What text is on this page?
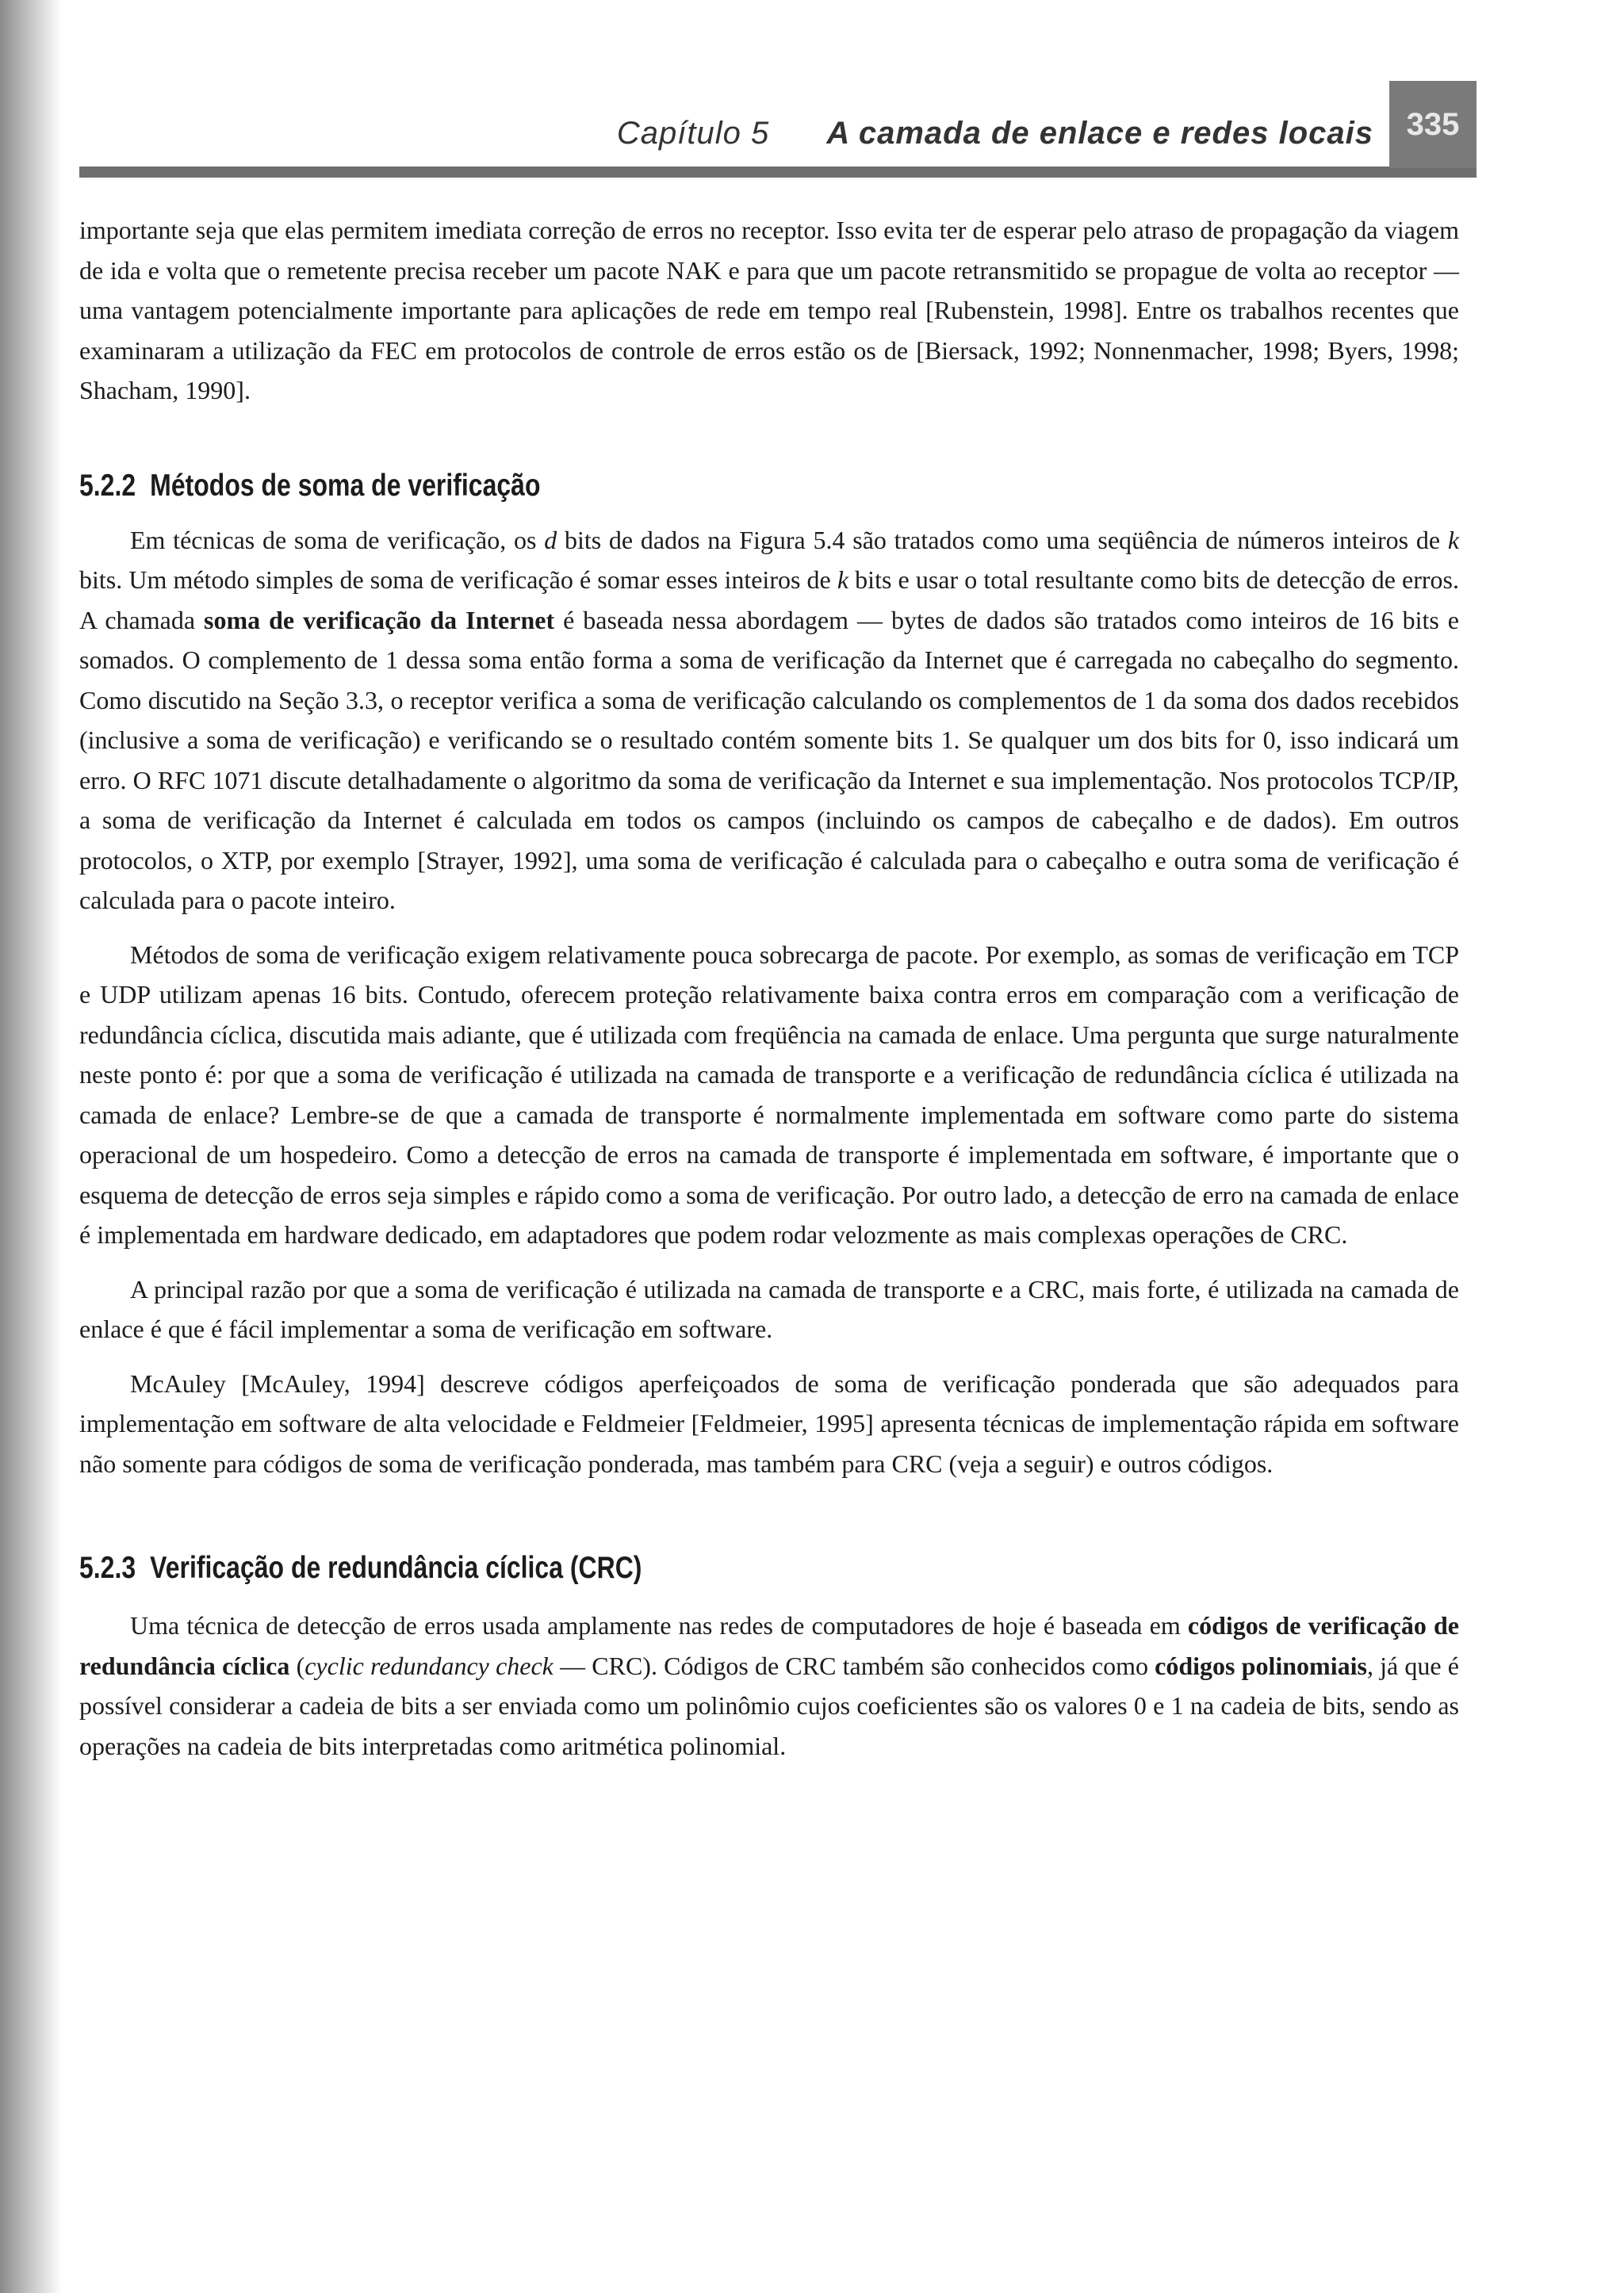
Capítulo 5 A camada de enlace e redes locais	335

importante seja que elas permitem imediata correção de erros no receptor. Isso evita ter de esperar pelo atraso de propagação da viagem de ida e volta que o remetente precisa receber um pacote NAK e para que um pacote retransmitido se propague de volta ao receptor — uma vantagem potencialmente importante para aplicações de rede em tempo real [Rubenstein, 1998]. Entre os trabalhos recentes que examinaram a utilização da FEC em protocolos de controle de erros estão os de [Biersack, 1992; Nonnenmacher, 1998; Byers, 1998; Shacham, 1990].

5.2.2 Métodos de soma de verificação

Em técnicas de soma de verificação, os d bits de dados na Figura 5.4 são tratados como uma seqüência de números inteiros de k bits. Um método simples de soma de verificação é somar esses inteiros de k bits e usar o total resultante como bits de detecção de erros. A chamada soma de verificação da Internet é baseada nessa abordagem — bytes de dados são tratados como inteiros de 16 bits e somados. O complemento de 1 dessa soma então forma a soma de verificação da Internet que é carregada no cabeçalho do segmento. Como discutido na Seção 3.3, o receptor verifica a soma de verificação calculando os complementos de 1 da soma dos dados recebidos (inclusive a soma de verificação) e verificando se o resultado contém somente bits 1. Se qualquer um dos bits for 0, isso indicará um erro. O RFC 1071 discute detalhadamente o algoritmo da soma de verificação da Internet e sua implementação. Nos protocolos TCP/IP, a soma de verificação da Internet é calculada em todos os campos (incluindo os campos de cabeçalho e de dados). Em outros protocolos, o XTP, por exemplo [Strayer, 1992], uma soma de verificação é calculada para o cabeçalho e outra soma de verificação é calculada para o pacote inteiro.

Métodos de soma de verificação exigem relativamente pouca sobrecarga de pacote. Por exemplo, as somas de verificação em TCP e UDP utilizam apenas 16 bits. Contudo, oferecem proteção relativamente baixa contra erros em comparação com a verificação de redundância cíclica, discutida mais adiante, que é utilizada com freqüência na camada de enlace. Uma pergunta que surge naturalmente neste ponto é: por que a soma de verificação é utilizada na camada de transporte e a verificação de redundância cíclica é utilizada na camada de enlace? Lembre-se de que a camada de transporte é normalmente implementada em software como parte do sistema operacional de um hospedeiro. Como a detecção de erros na camada de transporte é implementada em software, é importante que o esquema de detecção de erros seja simples e rápido como a soma de verificação. Por outro lado, a detecção de erro na camada de enlace é implementada em hardware dedicado, em adaptadores que podem rodar velozmente as mais complexas operações de CRC.

A principal razão por que a soma de verificação é utilizada na camada de transporte e a CRC, mais forte, é utilizada na camada de enlace é que é fácil implementar a soma de verificação em software.

McAuley [McAuley, 1994] descreve códigos aperfeiçoados de soma de verificação ponderada que são adequados para implementação em software de alta velocidade e Feldmeier [Feldmeier, 1995] apresenta técnicas de implementação rápida em software não somente para códigos de soma de verificação ponderada, mas também para CRC (veja a seguir) e outros códigos.

5.2.3 Verificação de redundância cíclica (CRC)

Uma técnica de detecção de erros usada amplamente nas redes de computadores de hoje é baseada em códigos de verificação de redundância cíclica (cyclic redundancy check — CRC). Códigos de CRC também são conhecidos como códigos polinomiais, já que é possível considerar a cadeia de bits a ser enviada como um polinômio cujos coeficientes são os valores 0 e 1 na cadeia de bits, sendo as operações na cadeia de bits interpretadas como aritmética polinomial.
